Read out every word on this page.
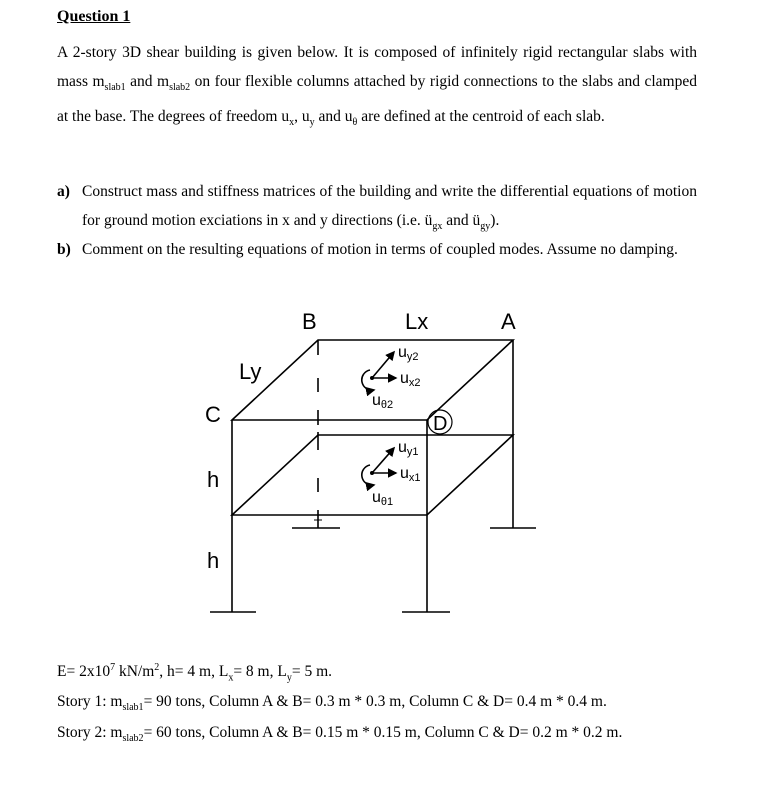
Question 1

A 2-story 3D shear building is given below. It is composed of infinitely rigid rectangular slabs with mass $m_{slab1}$ and $m_{slab2}$ on four flexible columns attached by rigid connections to the slabs and clamped at the base. The degrees of freedom $u_x$, $u_y$ and $u_\theta$ are defined at the centroid of each slab.

a) Construct mass and stiffness matrices of the building and write the differential equations of motion for ground motion exciations in x and y directions (i.e. $ü_{gx}$ and $ü_{gy}$).
b) Comment on the resulting equations of motion in terms of coupled modes. Assume no damping.
B	Lx	A
Ly
C	D
h
h
uy2
ux2
uθ2
uy1
ux1
uθ1
$E= 2x10^7$ $kN/m^2$, h= 4 m, $L_x= 8$ m, $L_y= 5$ m.
Story 1: $m_{slab1}= 90$ tons, Column A & B= 0.3 m * 0.3 m, Column C & D= 0.4 m * 0.4 m.
Story 2: $m_{slab2}= 60$ tons, Column A & B= 0.15 m * 0.15 m, Column C & D= 0.2 m * 0.2 m.
